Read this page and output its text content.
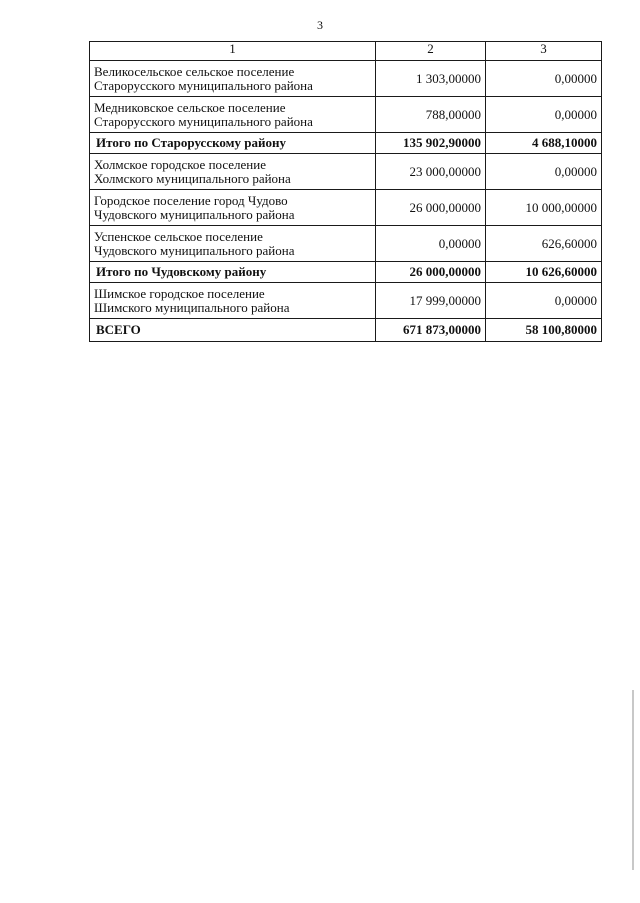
3
1	2	3

Великосельское сельское поселение
Старорусского муниципального района	1 303,00000	0,00000

Медниковское сельское поселение
Старорусского муниципального района	788,00000	0,00000

Итого по Старорусскому району	135 902,90000	4 688,10000

Холмское городское поселение
Холмского муниципального района	23 000,00000	0,00000

Городское поселение город Чудово
Чудовского муниципального района	26 000,00000	10 000,00000

Успенское сельское поселение
Чудовского муниципального района	0,00000	626,60000

Итого по Чудовскому району	26 000,00000	10 626,60000

Шимское городское поселение
Шимского муниципального района	17 999,00000	0,00000

ВСЕГО	671 873,00000	58 100,80000
